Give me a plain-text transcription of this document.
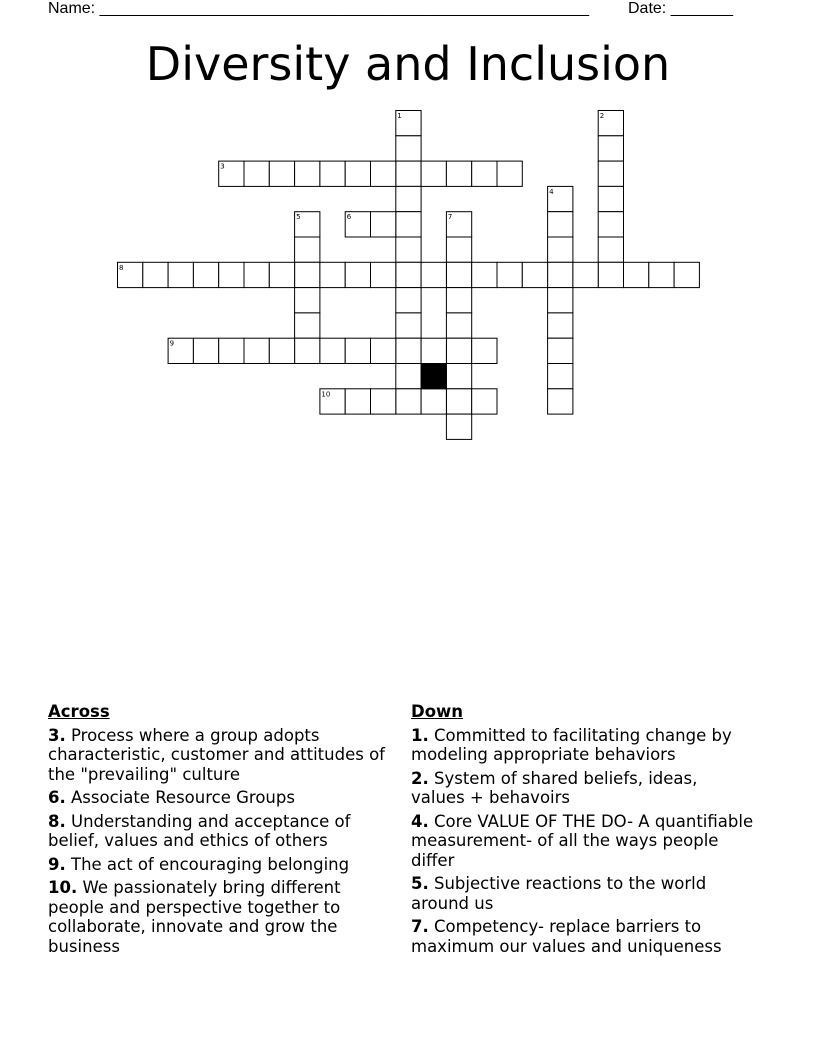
Name: _______________________________________________________ Date: _______
Diversity and Inclusion
1	2
3
4
5	6	7
8
9
10
Across
3. Process where a group adopts characteristic, customer and attitudes of the "prevailing" culture
6. Associate Resource Groups
8. Understanding and acceptance of belief, values and ethics of others
9. The act of encouraging belonging
10. We passionately bring different people and perspective together to collaborate, innovate and grow the business
Down
1. Committed to facilitating change by modeling appropriate behaviors
2. System of shared beliefs, ideas, values + behavoirs
4. Core VALUE OF THE DO- A quantifiable measurement- of all the ways people differ
5. Subjective reactions to the world around us
7. Competency- replace barriers to maximum our values and uniqueness
